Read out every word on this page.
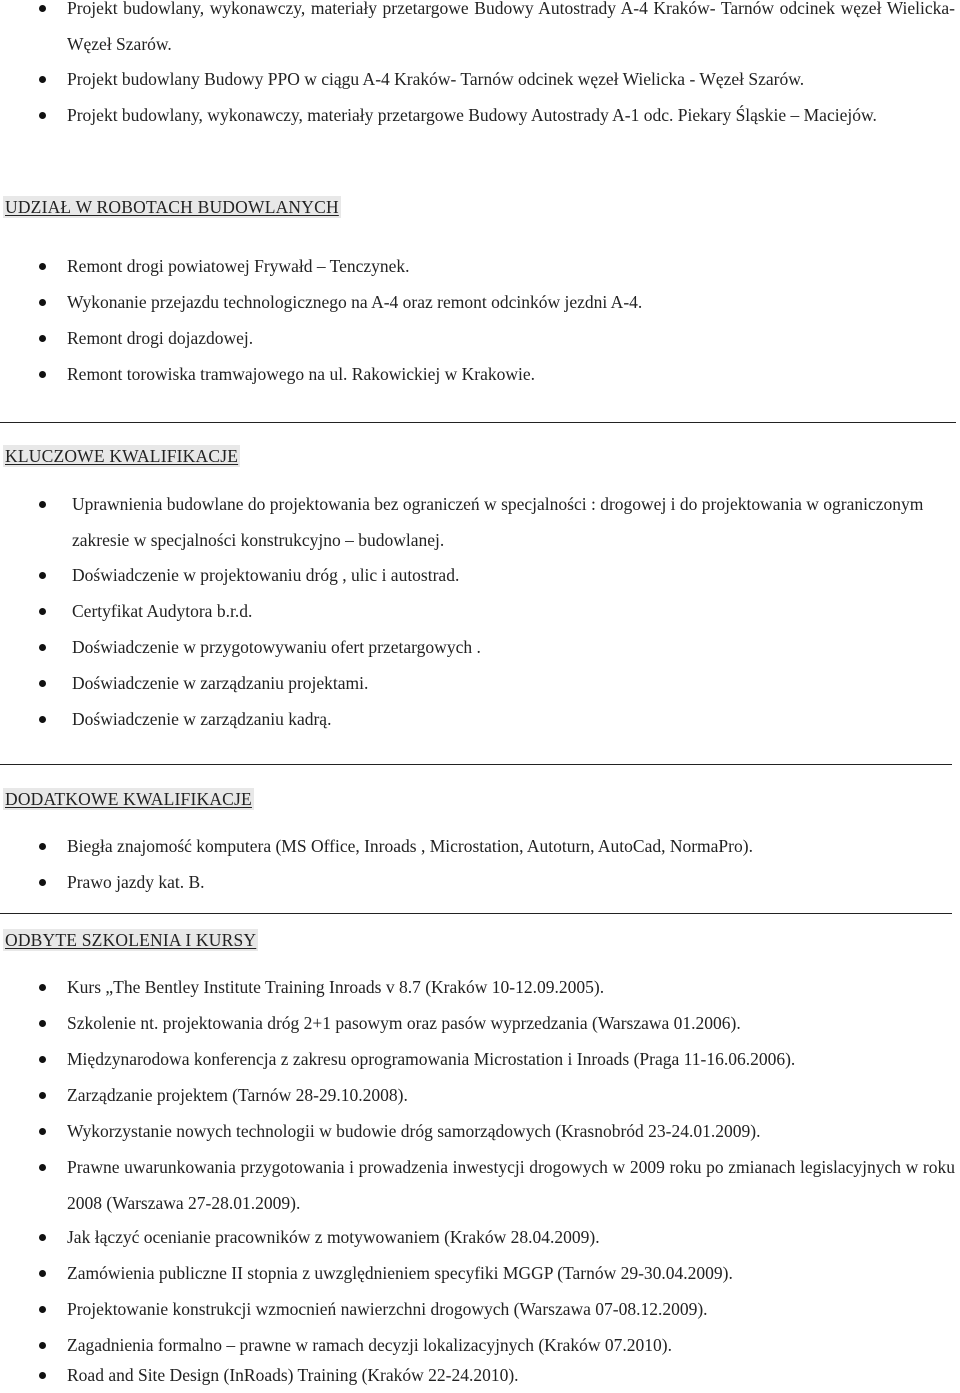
Projekt budowlany, wykonawczy, materiały przetargowe Budowy Autostrady A-4 Kraków- Tarnów odcinek węzeł Wielicka- Węzeł Szarów.
Projekt budowlany Budowy PPO w ciągu A-4 Kraków- Tarnów odcinek węzeł Wielicka - Węzeł Szarów.
Projekt budowlany, wykonawczy, materiały przetargowe Budowy Autostrady A-1 odc. Piekary Śląskie – Maciejów.
UDZIAŁ W ROBOTACH BUDOWLANYCH
Remont drogi powiatowej Frywałd – Tenczynek.
Wykonanie przejazdu technologicznego na A-4 oraz remont odcinków jezdni A-4.
Remont drogi dojazdowej.
Remont torowiska tramwajowego na ul. Rakowickiej w Krakowie.
KLUCZOWE KWALIFIKACJE
Uprawnienia budowlane do projektowania bez ograniczeń w specjalności : drogowej i do projektowania w ograniczonym zakresie w specjalności konstrukcyjno – budowlanej.
Doświadczenie w projektowaniu dróg , ulic i autostrad.
Certyfikat Audytora b.r.d.
Doświadczenie w przygotowywaniu ofert przetargowych .
Doświadczenie w zarządzaniu projektami.
Doświadczenie w zarządzaniu kadrą.
DODATKOWE KWALIFIKACJE
Biegła znajomość komputera (MS Office, Inroads , Microstation, Autoturn, AutoCad, NormaPro).
Prawo jazdy kat. B.
ODBYTE SZKOLENIA I KURSY
Kurs „The Bentley Institute Training Inroads v 8.7 (Kraków 10-12.09.2005).
Szkolenie nt. projektowania dróg 2+1 pasowym oraz pasów wyprzedzania (Warszawa 01.2006).
Międzynarodowa konferencja z zakresu oprogramowania Microstation i Inroads (Praga 11-16.06.2006).
Zarządzanie projektem (Tarnów 28-29.10.2008).
Wykorzystanie nowych technologii w budowie dróg samorządowych (Krasnobród 23-24.01.2009).
Prawne uwarunkowania przygotowania i prowadzenia inwestycji drogowych w 2009 roku po zmianach legislacyjnych w roku 2008 (Warszawa 27-28.01.2009).
Jak łączyć ocenianie pracowników z motywowaniem (Kraków 28.04.2009).
Zamówienia publiczne II stopnia z uwzględnieniem specyfiki MGGP (Tarnów 29-30.04.2009).
Projektowanie konstrukcji wzmocnień nawierzchni drogowych (Warszawa 07-08.12.2009).
Zagadnienia formalno – prawne w ramach decyzji lokalizacyjnych (Kraków 07.2010).
Road and Site Design (InRoads) Training (Kraków 22-24.2010).
